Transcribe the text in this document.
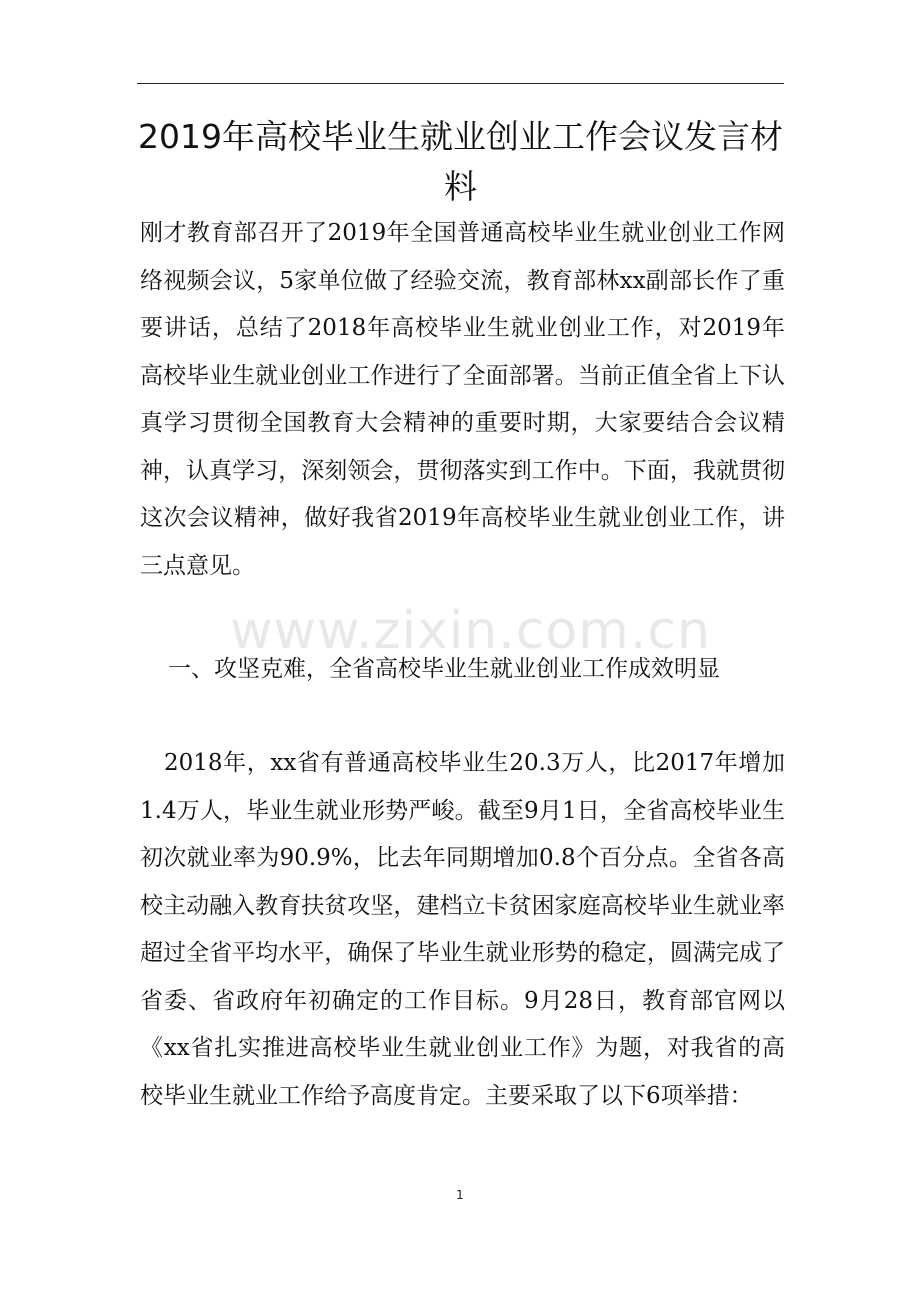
2019年高校毕业生就业创业工作会议发言材料

刚才教育部召开了2019年全国普通高校毕业生就业创业工作网络视频会议，5家单位做了经验交流，教育部林xx副部长作了重要讲话，总结了2018年高校毕业生就业创业工作，对2019年高校毕业生就业创业工作进行了全面部署。当前正值全省上下认真学习贯彻全国教育大会精神的重要时期，大家要结合会议精神，认真学习，深刻领会，贯彻落实到工作中。下面，我就贯彻这次会议精神，做好我省2019年高校毕业生就业创业工作，讲三点意见。

www.zixin.com.cn

一、攻坚克难，全省高校毕业生就业创业工作成效明显

2018年，xx省有普通高校毕业生20.3万人，比2017年增加1.4万人，毕业生就业形势严峻。截至9月1日，全省高校毕业生初次就业率为90.9%，比去年同期增加0.8个百分点。全省各高校主动融入教育扶贫攻坚，建档立卡贫困家庭高校毕业生就业率超过全省平均水平，确保了毕业生就业形势的稳定，圆满完成了省委、省政府年初确定的工作目标。9月28日，教育部官网以《xx省扎实推进高校毕业生就业创业工作》为题，对我省的高校毕业生就业工作给予高度肯定。主要采取了以下6项举措：

1
